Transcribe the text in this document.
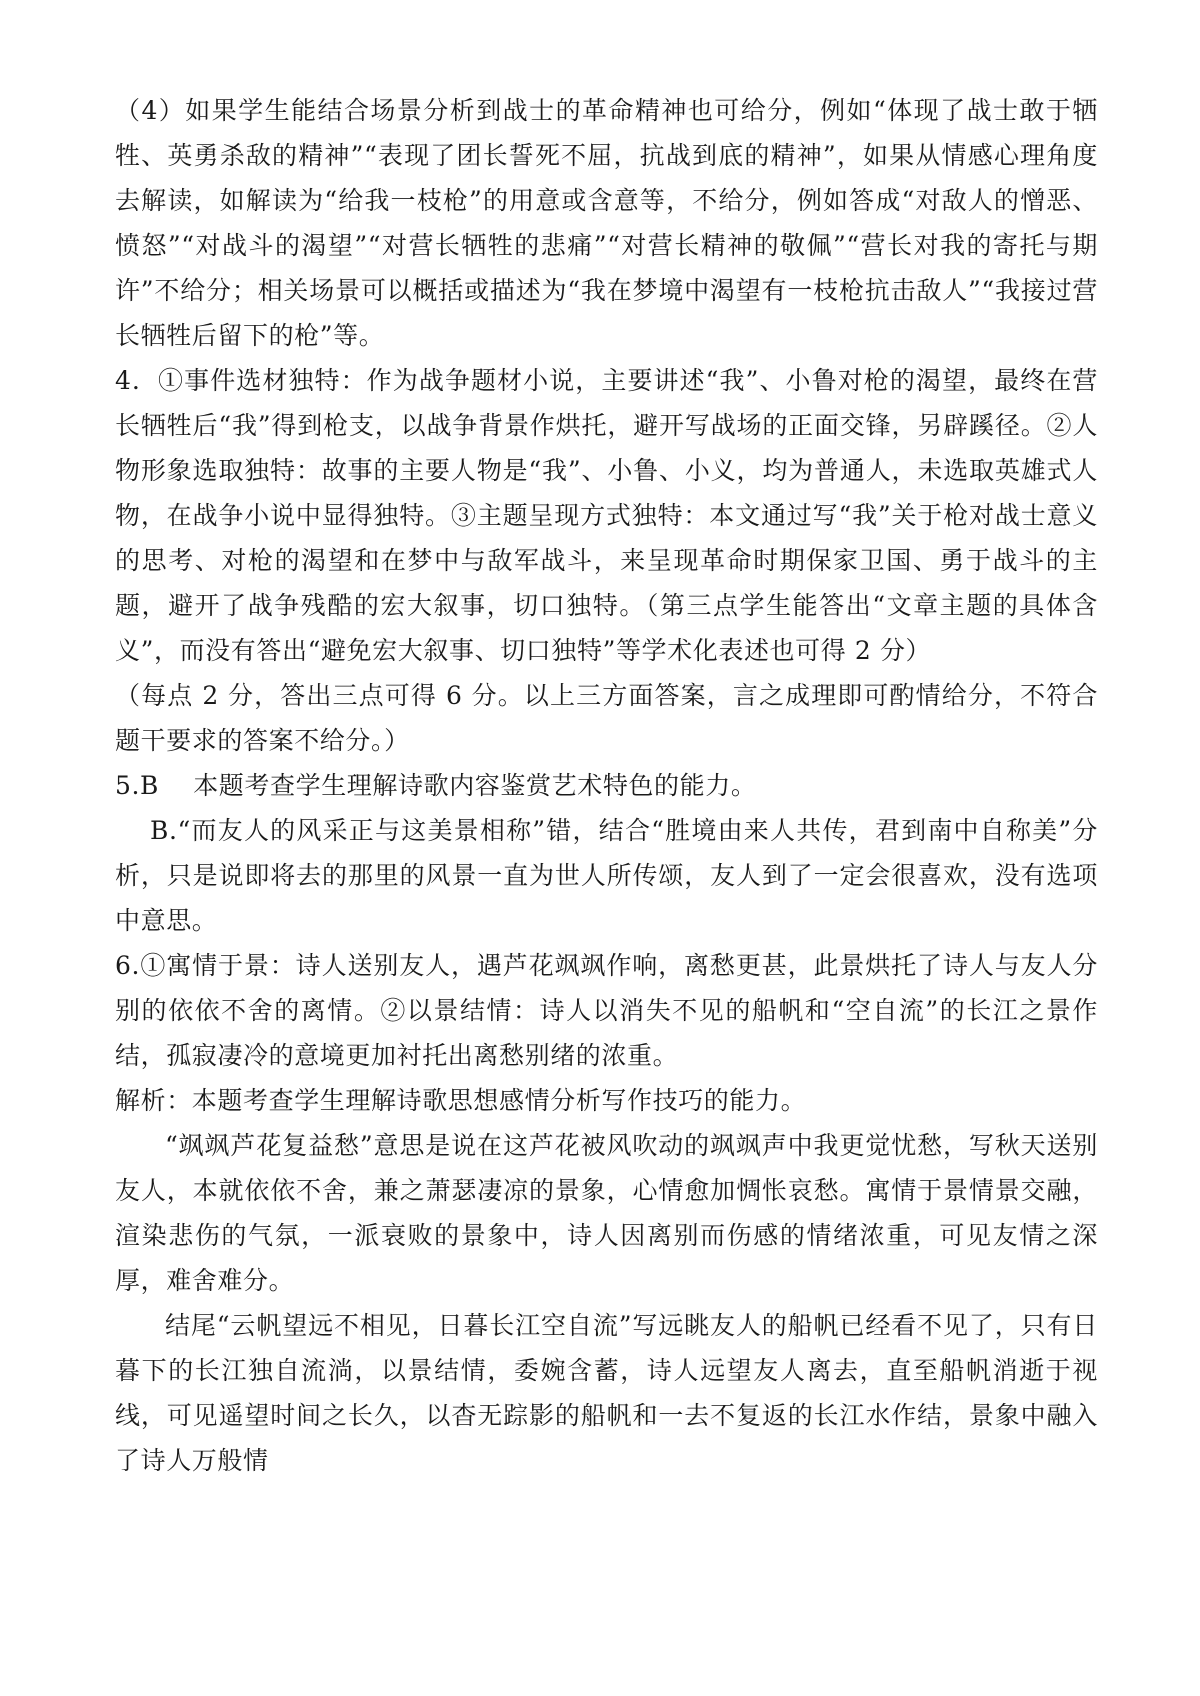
（4）如果学生能结合场景分析到战士的革命精神也可给分，例如“体现了战士敢于牺牲、英勇杀敌的精神”“表现了团长誓死不屈，抗战到底的精神”，如果从情感心理角度去解读，如解读为“给我一枝枪”的用意或含意等，不给分，例如答成“对敌人的憎恶、愤怒”“对战斗的渴望”“对营长牺牲的悲痛”“对营长精神的敬佩”“营长对我的寄托与期许”不给分；相关场景可以概括或描述为“我在梦境中渴望有一枝枪抗击敌人”“我接过营长牺牲后留下的枪”等。

4．①事件选材独特：作为战争题材小说，主要讲述“我”、小鲁对枪的渴望，最终在营长牺牲后“我”得到枪支，以战争背景作烘托，避开写战场的正面交锋，另辟蹊径。②人物形象选取独特：故事的主要人物是“我”、小鲁、小义，均为普通人，未选取英雄式人物，在战争小说中显得独特。③主题呈现方式独特：本文通过写“我”关于枪对战士意义的思考、对枪的渴望和在梦中与敌军战斗，来呈现革命时期保家卫国、勇于战斗的主题，避开了战争残酷的宏大叙事，切口独特。（第三点学生能答出“文章主题的具体含义”，而没有答出“避免宏大叙事、切口独特”等学术化表述也可得 2 分）

（每点 2 分，答出三点可得 6 分。以上三方面答案，言之成理即可酌情给分，不符合题干要求的答案不给分。）

5.B    本题考查学生理解诗歌内容鉴赏艺术特色的能力。

B.“而友人的风采正与这美景相称”错，结合“胜境由来人共传，君到南中自称美”分析，只是说即将去的那里的风景一直为世人所传颂，友人到了一定会很喜欢，没有选项中意思。

6.①寓情于景：诗人送别友人，遇芦花飒飒作响，离愁更甚，此景烘托了诗人与友人分别的依依不舍的离情。②以景结情：诗人以消失不见的船帆和“空自流”的长江之景作结，孤寂凄冷的意境更加衬托出离愁别绪的浓重。

解析：本题考查学生理解诗歌思想感情分析写作技巧的能力。

“飒飒芦花复益愁”意思是说在这芦花被风吹动的飒飒声中我更觉忧愁，写秋天送别友人，本就依依不舍，兼之萧瑟凄凉的景象，心情愈加惆怅哀愁。寓情于景情景交融，渲染悲伤的气氛，一派衰败的景象中，诗人因离别而伤感的情绪浓重，可见友情之深厚，难舍难分。

结尾“云帆望远不相见，日暮长江空自流”写远眺友人的船帆已经看不见了，只有日暮下的长江独自流淌，以景结情，委婉含蓄，诗人远望友人离去，直至船帆消逝于视线，可见遥望时间之长久，以杳无踪影的船帆和一去不复返的长江水作结，景象中融入了诗人万般情
